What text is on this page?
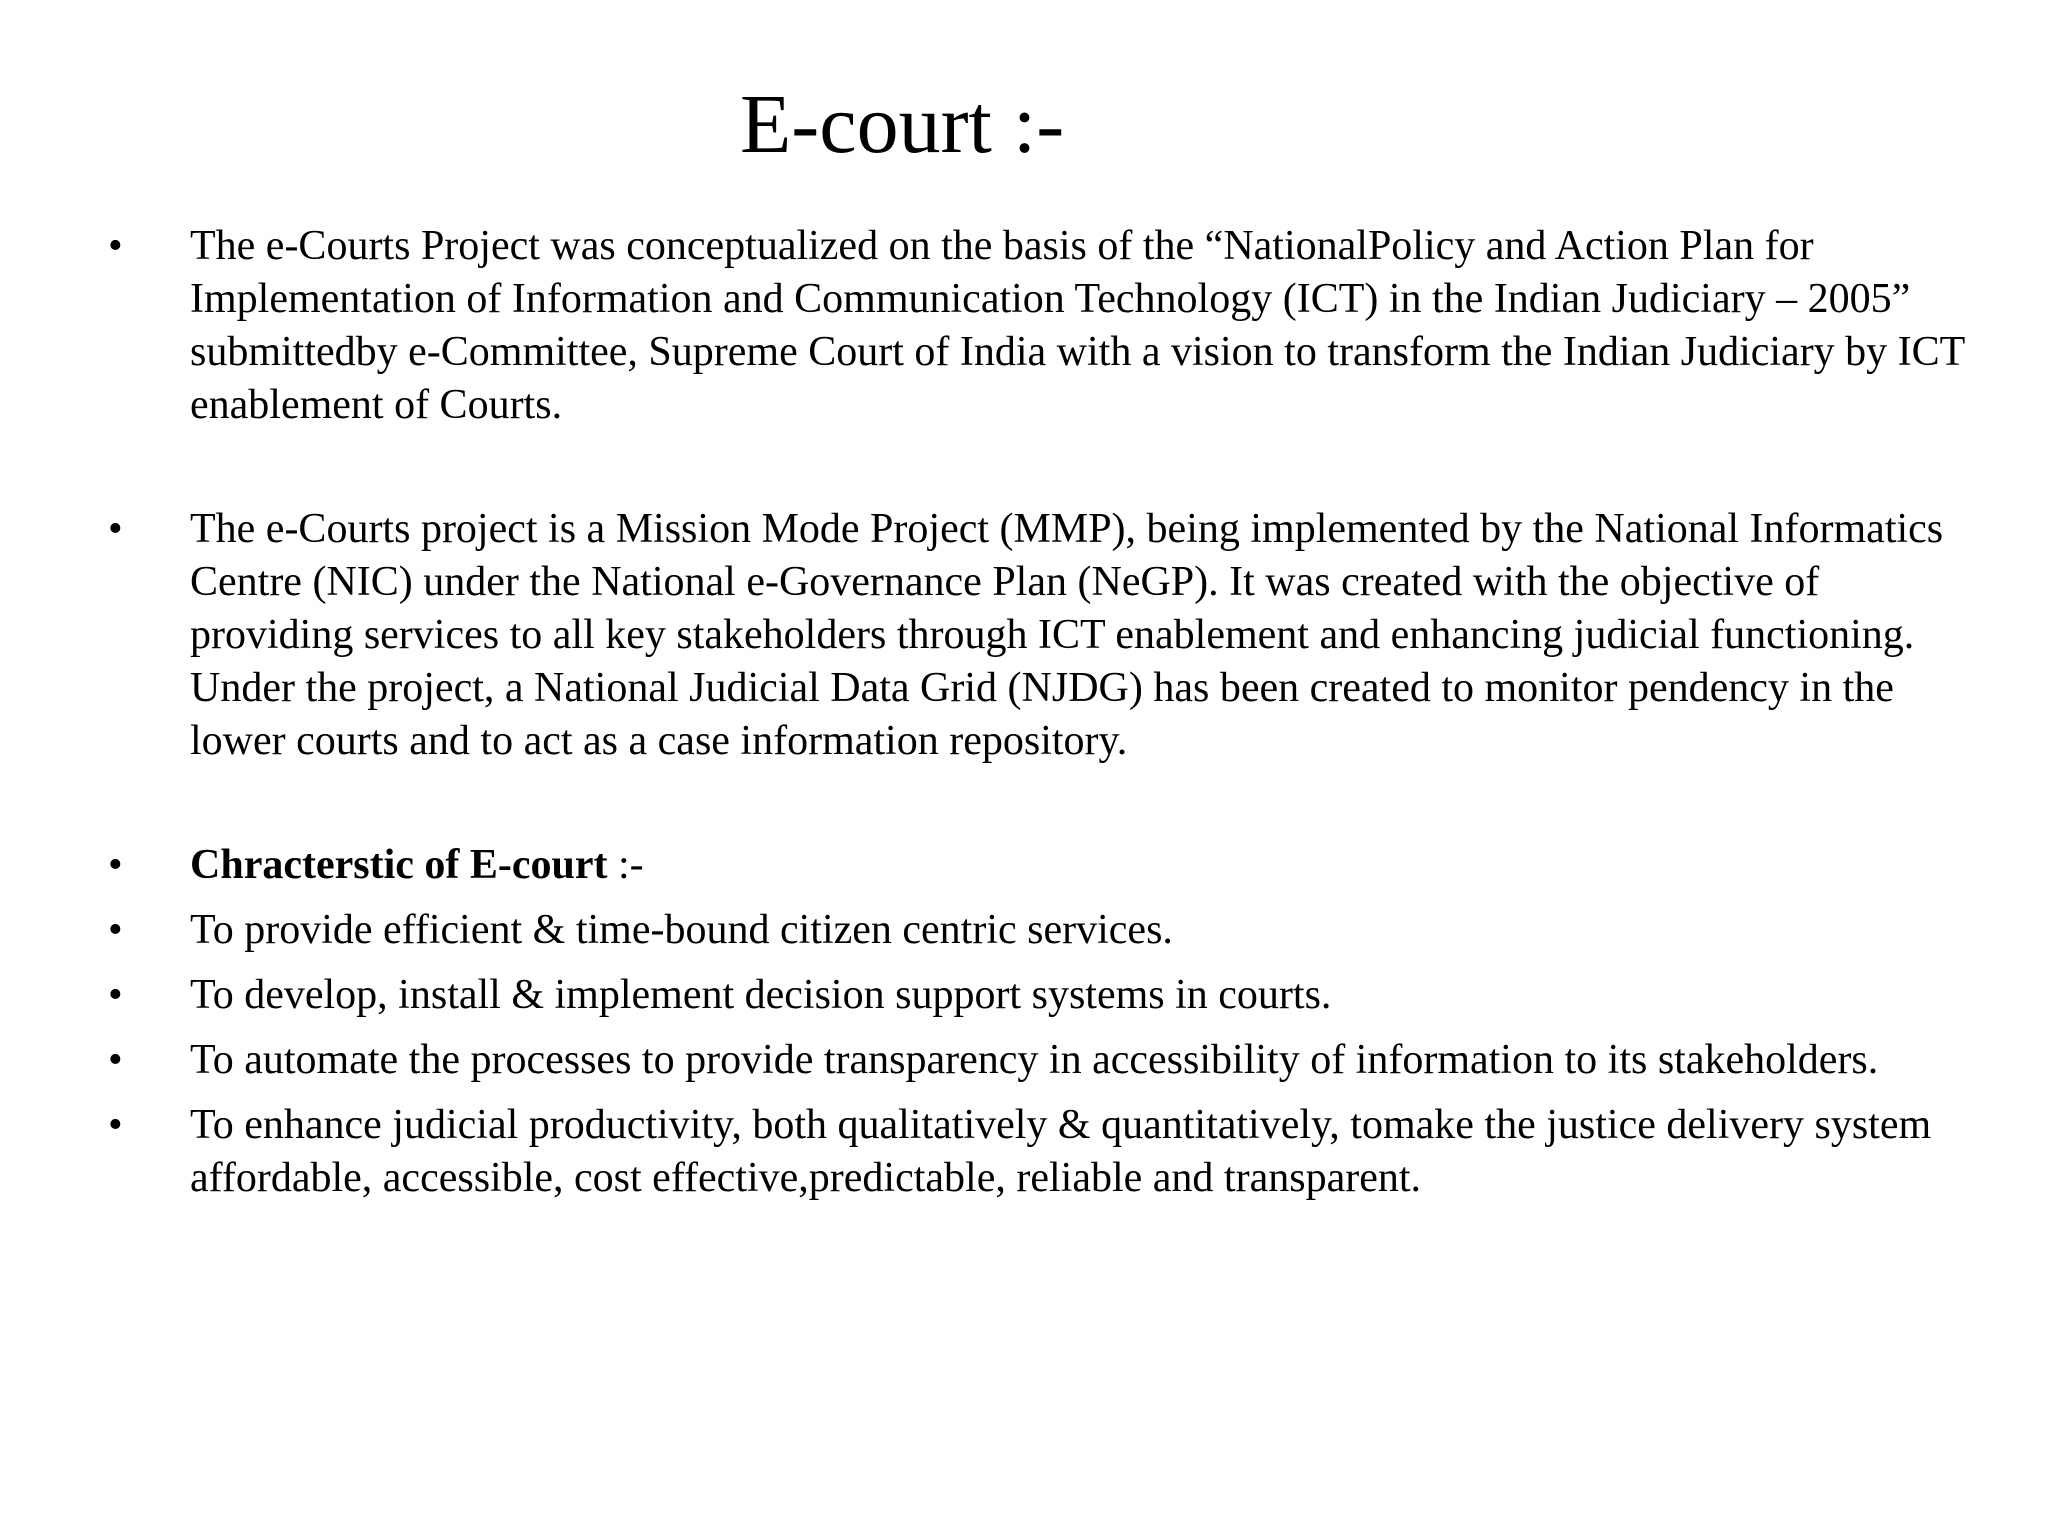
E-court :-
•	The e-Courts Project was conceptualized on the basis of the “NationalPolicy and Action Plan for Implementation of Information and Communication Technology (ICT) in the Indian Judiciary – 2005” submittedby e-Committee, Supreme Court of India with a vision to transform the Indian Judiciary by ICT enablement of Courts.
•	The e-Courts project is a Mission Mode Project (MMP), being implemented by the National Informatics Centre (NIC) under the National e-Governance Plan (NeGP). It was created with the objective of providing services to all key stakeholders through ICT enablement and enhancing judicial functioning. Under the project, a National Judicial Data Grid (NJDG) has been created to monitor pendency in the lower courts and to act as a case information repository.
•	Chracterstic of E-court :-
•	To provide efficient & time-bound citizen centric services.
•	To develop, install & implement decision support systems in courts.
•	To automate the processes to provide transparency in accessibility of information to its stakeholders.
•	To enhance judicial productivity, both qualitatively & quantitatively, tomake the justice delivery system affordable, accessible, cost effective,predictable, reliable and transparent.
